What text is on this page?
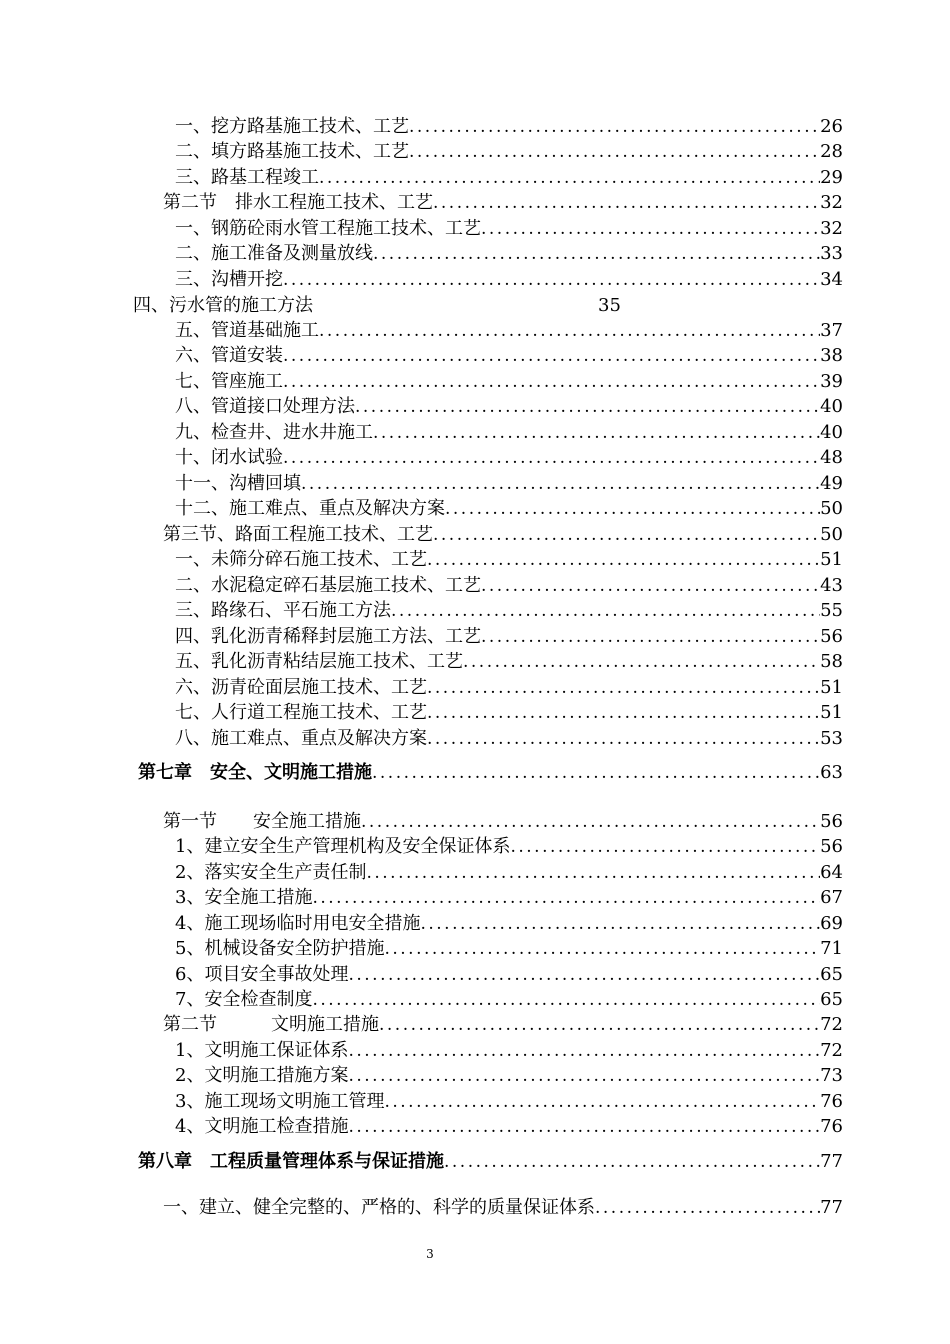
一、挖方路基施工技术、工艺 .....	26
二、填方路基施工技术、工艺 .....	28
三、路基工程竣工 .....	29
第二节　排水工程施工技术、工艺 .....	32
一、钢筋砼雨水管工程施工技术、工艺 .....	32
二、施工准备及测量放线 .....	33
三、沟槽开挖 .....	34
四、污水管的施工方法	35
五、管道基础施工 .....	37
六、管道安装 .....	38
七、管座施工 .....	39
八、管道接口处理方法 .....	40
九、检查井、进水井施工 .....	40
十、闭水试验 .....	48
十一、沟槽回填 .....	49
十二、施工难点、重点及解决方案 .....	50
第三节、路面工程施工技术、工艺 .....	50
一、未筛分碎石施工技术、工艺 .....	51
二、水泥稳定碎石基层施工技术、工艺 .....	43
三、路缘石、平石施工方法 .....	55
四、乳化沥青稀释封层施工方法、工艺 .....	56
五、乳化沥青粘结层施工技术、工艺 .....	58
六、沥青砼面层施工技术、工艺 .....	51
七、人行道工程施工技术、工艺 .....	51
八、施工难点、重点及解决方案 .....	53
第七章　安全、文明施工措施 .....	63
第一节　　安全施工措施 .....	56
1、建立安全生产管理机构及安全保证体系 .....	56
2、落实安全生产责任制 .....	64
3、安全施工措施 .....	67
4、施工现场临时用电安全措施 .....	69
5、机械设备安全防护措施 .....	71
6、项目安全事故处理 .....	65
7、安全检查制度 .....	65
第二节　　　文明施工措施 .....	72
1、文明施工保证体系 .....	72
2、文明施工措施方案 .....	73
3、施工现场文明施工管理 .....	76
4、文明施工检查措施 .....	76
第八章　工程质量管理体系与保证措施 .....	77
一、建立、健全完整的、严格的、科学的质量保证体系 .....	77
3
